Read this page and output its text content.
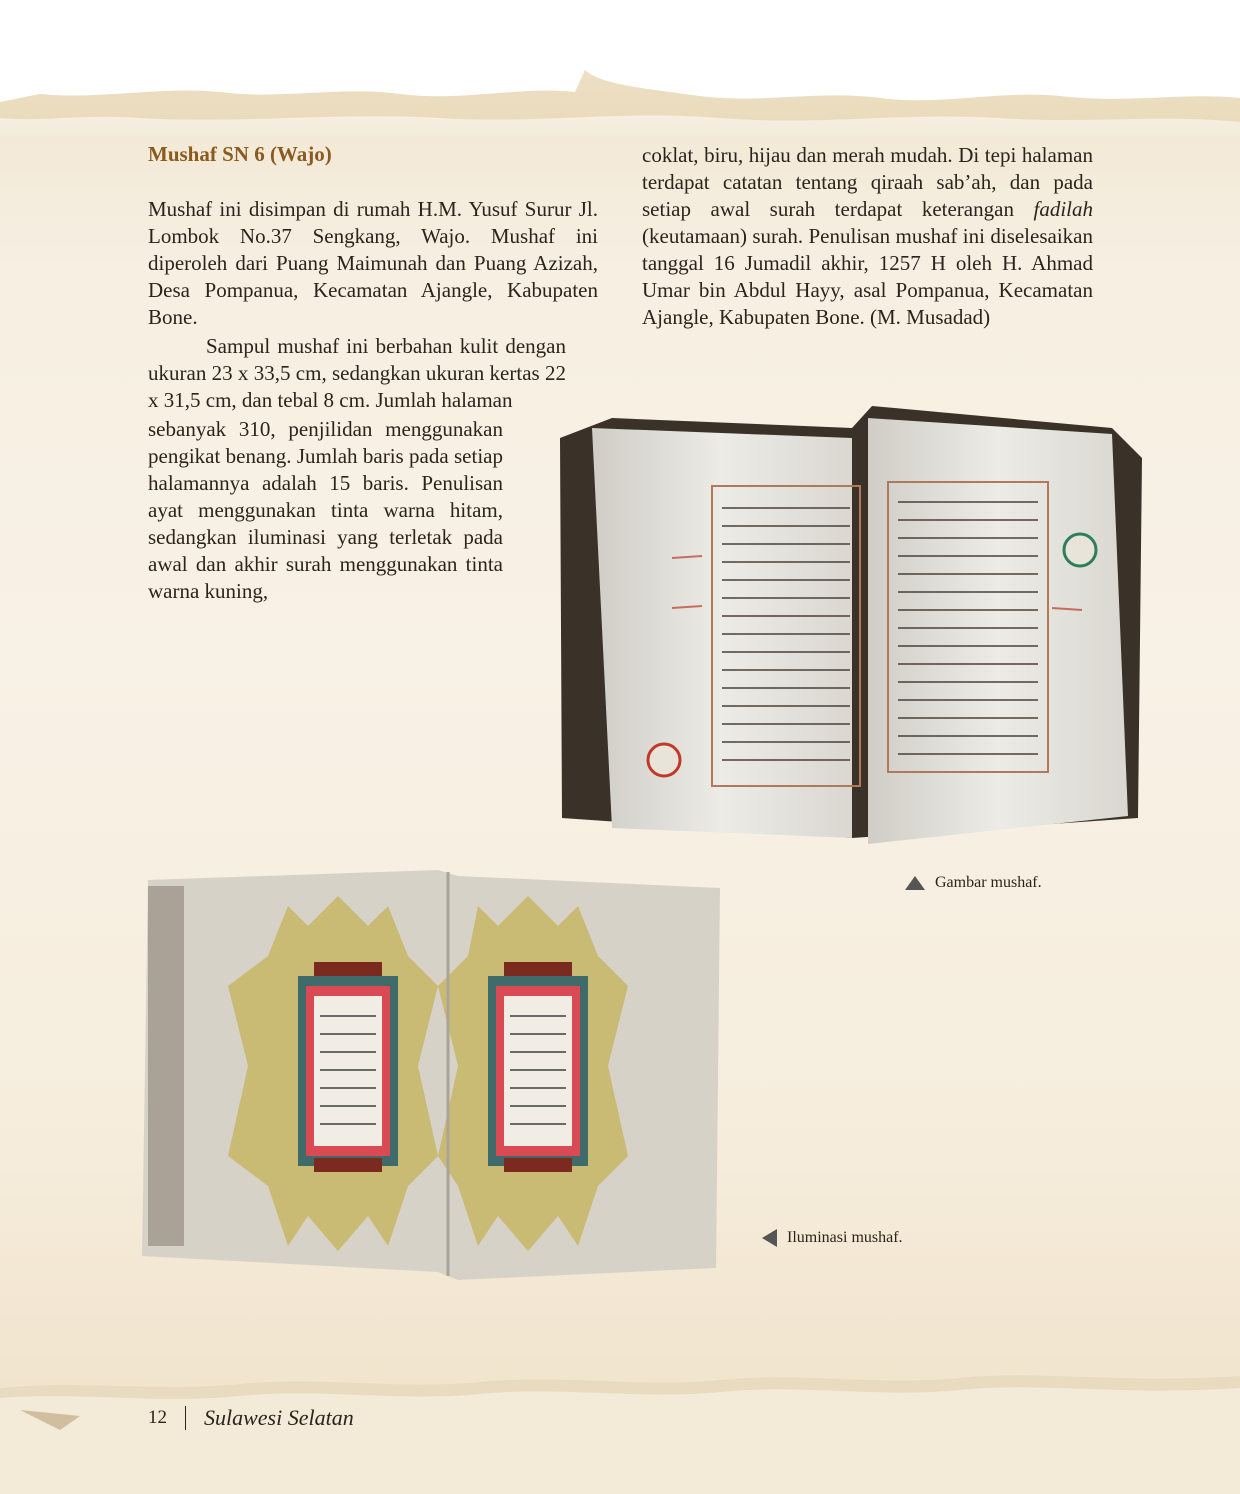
Mushaf SN 6 (Wajo)

Mushaf ini disimpan di rumah H.M. Yusuf Surur Jl. Lombok No.37 Sengkang, Wajo. Mushaf ini diperoleh dari Puang Maimunah dan Puang Azizah, Desa Pompanua, Kecamatan Ajangle, Kabupaten Bone.

Sampul mushaf ini berbahan kulit dengan ukuran 23 x 33,5 cm, sedangkan ukuran kertas 22 x 31,5 cm, dan tebal 8 cm. Jumlah halaman

sebanyak 310, penjilidan menggunakan pengikat benang. Jumlah baris pada setiap halamannya adalah 15 baris. Penulisan ayat menggunakan tinta warna hitam, sedangkan iluminasi yang terletak pada awal dan akhir surah menggunakan tinta warna kuning,

coklat, biru, hijau dan merah mudah. Di tepi halaman terdapat catatan tentang qiraah sab’ah, dan pada setiap awal surah terdapat keterangan fadilah (keutamaan) surah. Penulisan mushaf ini diselesaikan tanggal 16 Jumadil akhir, 1257 H oleh H. Ahmad Umar bin Abdul Hayy, asal Pompanua, Kecamatan Ajangle, Kabupaten Bone. (M. Musadad)

Gambar mushaf.
Iluminasi mushaf.
12 Sulawesi Selatan
